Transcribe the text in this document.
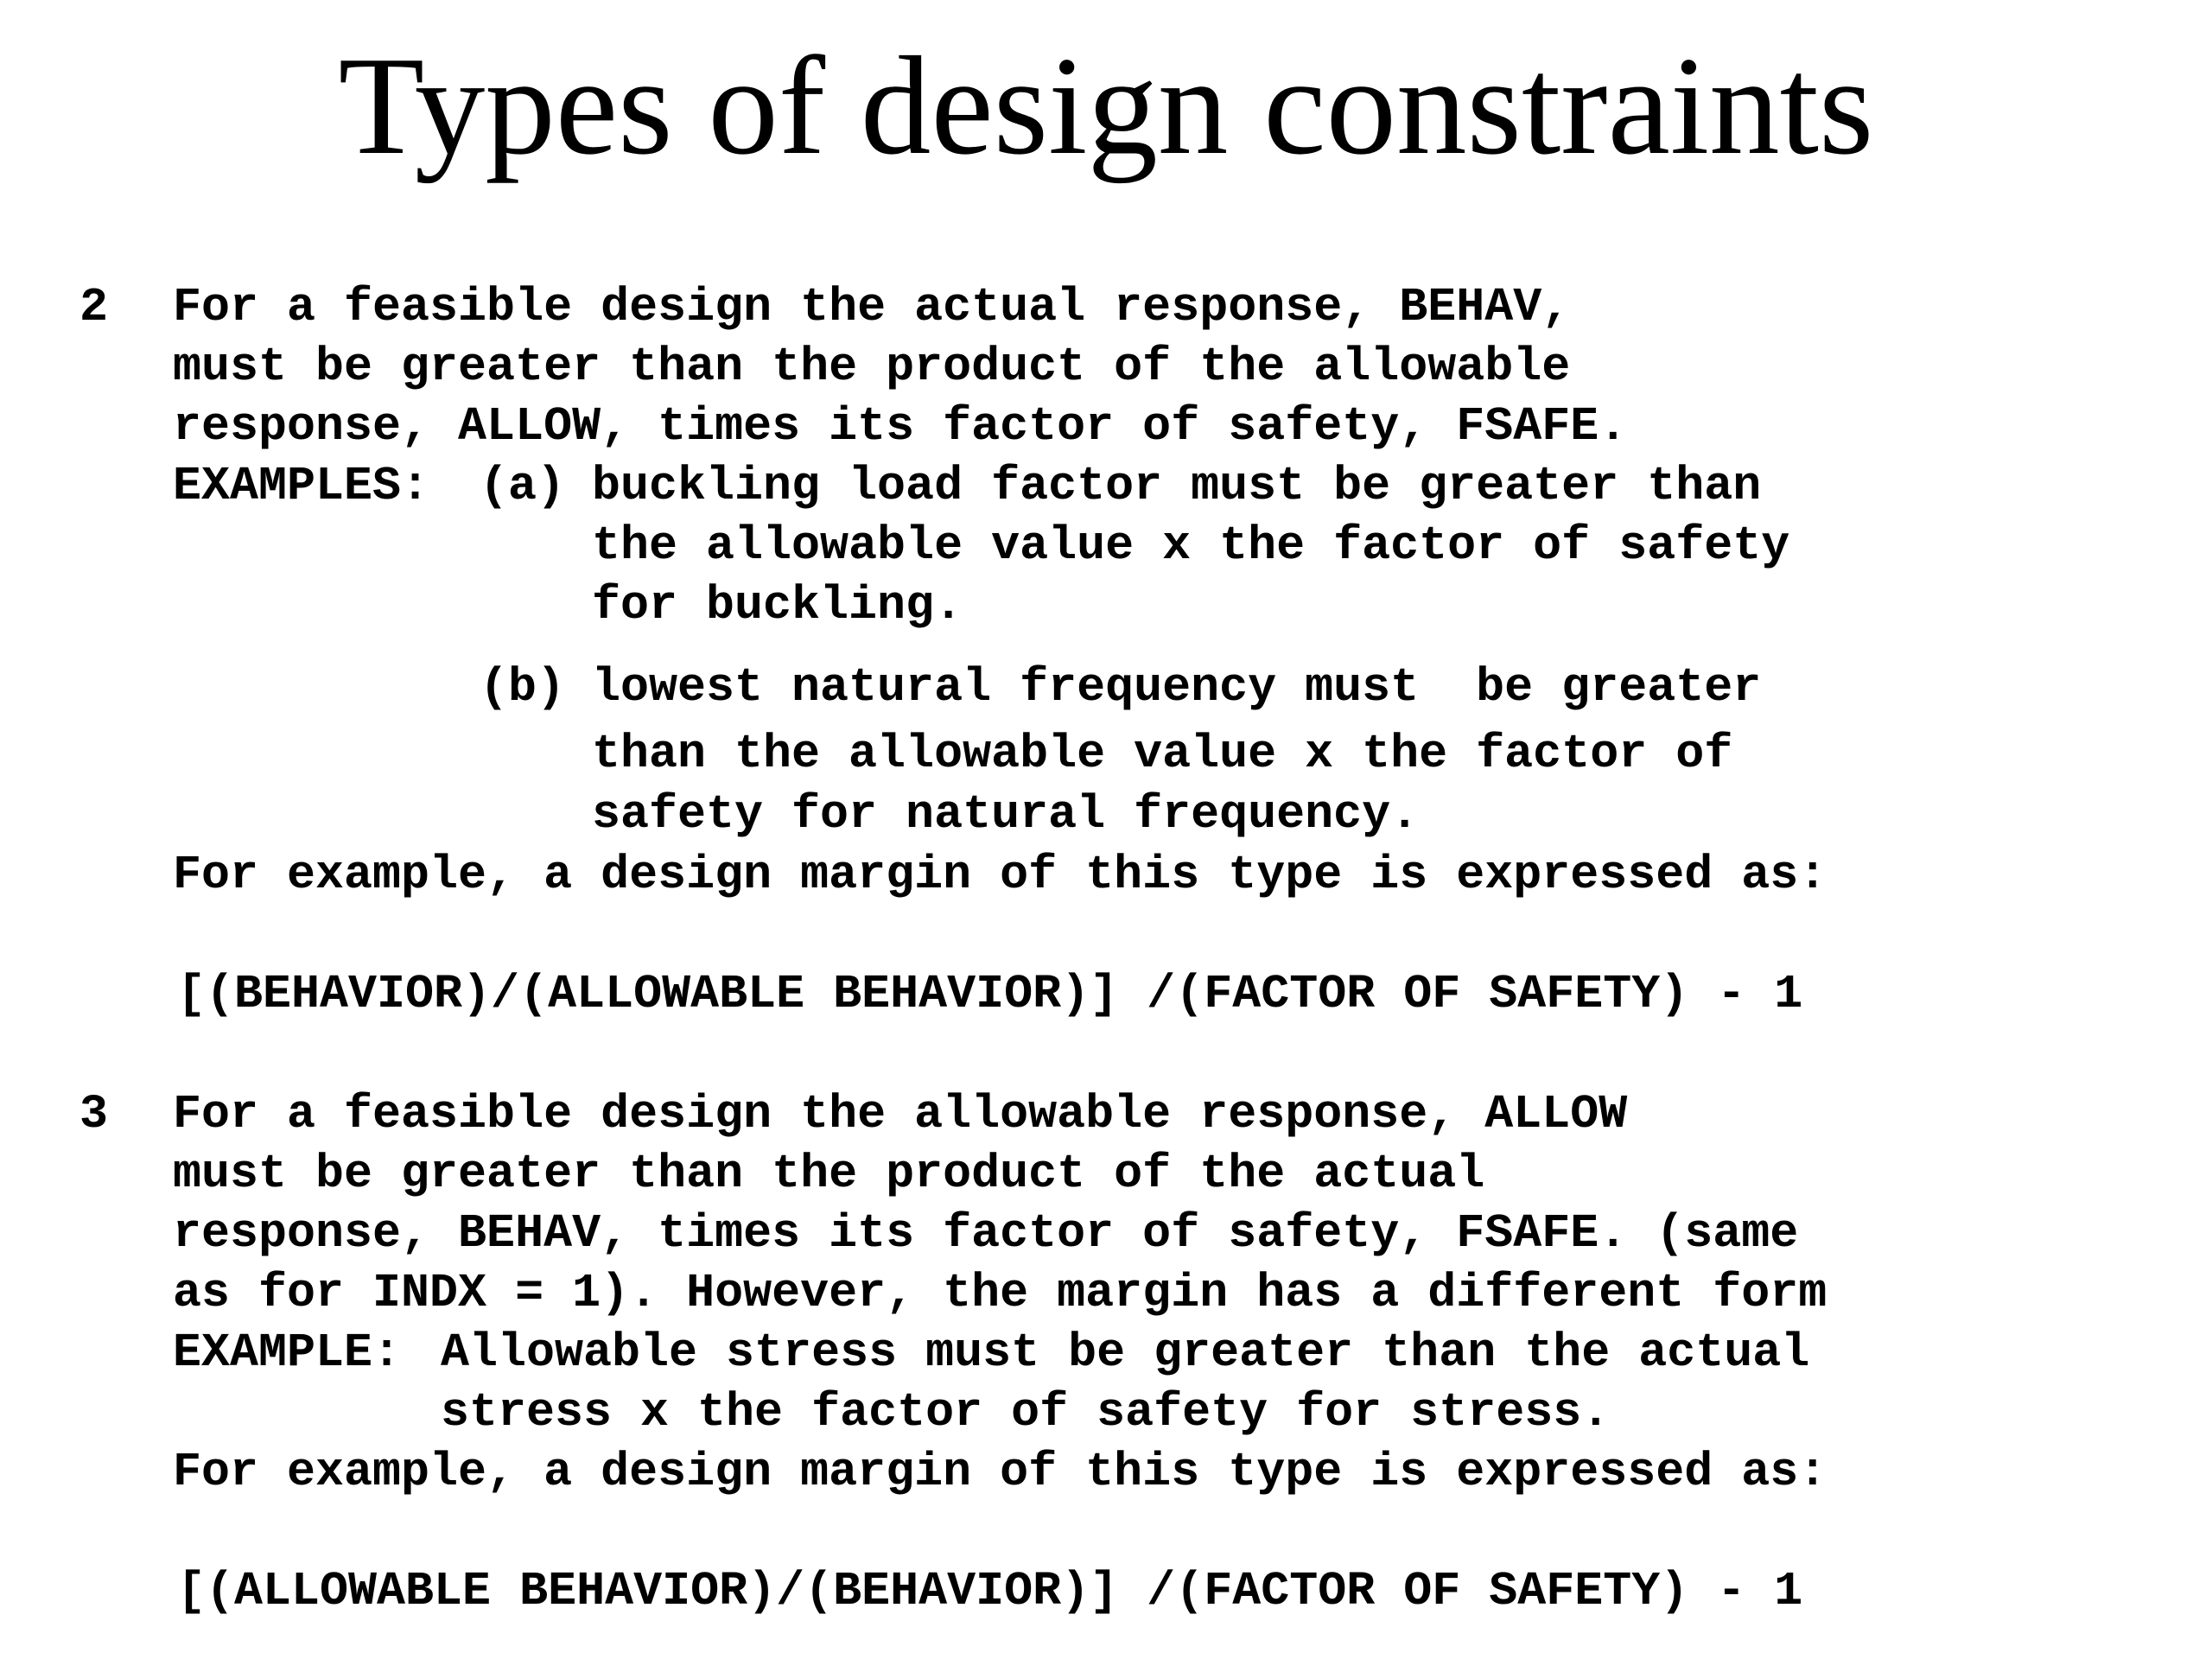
Types of design constraints
2 For a feasible design the actual response, BEHAV,
must be greater than the product of the allowable
response, ALLOW, times its factor of safety, FSAFE.
EXAMPLES: (a) buckling load factor must be greater than
the allowable value x the factor of safety
for buckling.
(b) lowest natural frequency must  be greater
than the allowable value x the factor of
safety for natural frequency.
For example, a design margin of this type is expressed as:
[(BEHAVIOR)/(ALLOWABLE BEHAVIOR)] /(FACTOR OF SAFETY) - 1
3 For a feasible design the allowable response, ALLOW
must be greater than the product of the actual
response, BEHAV, times its factor of safety, FSAFE. (same
as for INDX = 1). However, the margin has a different form
EXAMPLE: Allowable stress must be greater than the actual
stress x the factor of safety for stress.
For example, a design margin of this type is expressed as:
[(ALLOWABLE BEHAVIOR)/(BEHAVIOR)] /(FACTOR OF SAFETY) - 1
